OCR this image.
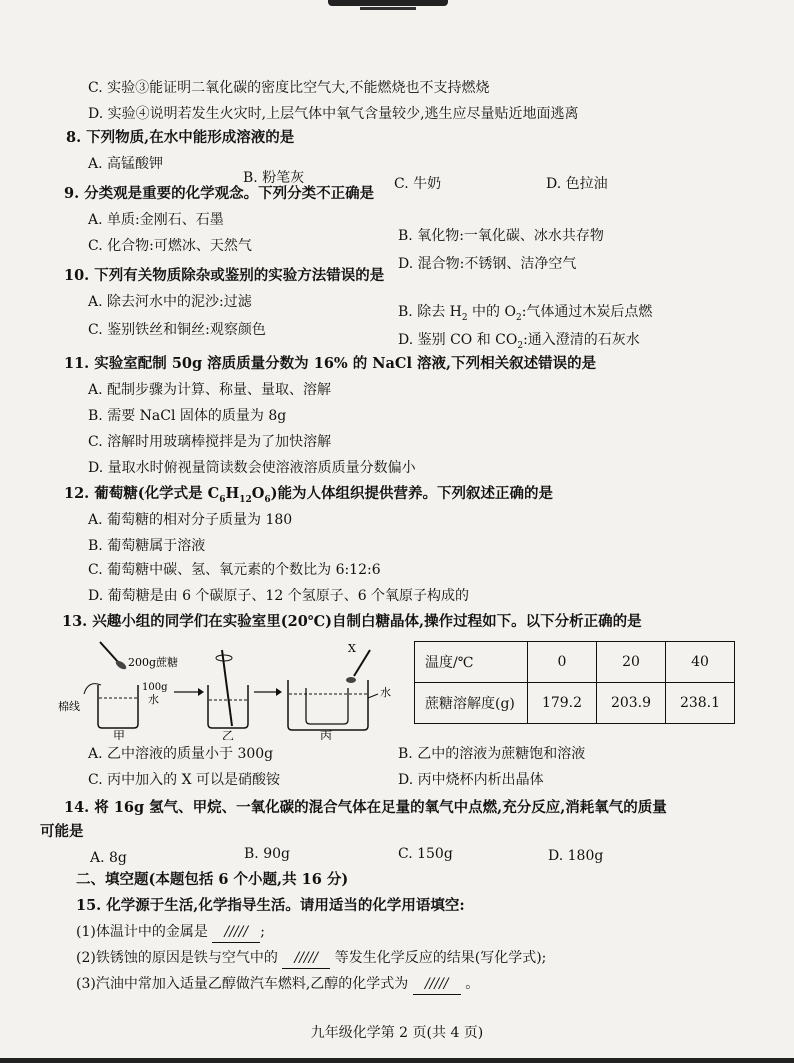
C. 实验③能证明二氧化碳的密度比空气大,不能燃烧也不支持燃烧
D. 实验④说明若发生火灾时,上层气体中氧气含量较少,逃生应尽量贴近地面逃离
8. 下列物质,在水中能形成溶液的是
A. 高锰酸钾
B. 粉笔灰	C. 牛奶	D. 色拉油
9. 分类观是重要的化学观念。下列分类不正确是
A. 单质:金刚石、石墨
B. 氧化物:一氧化碳、冰水共存物
C. 化合物:可燃冰、天然气
D. 混合物:不锈钢、洁净空气
10. 下列有关物质除杂或鉴别的实验方法错误的是
A. 除去河水中的泥沙:过滤
B. 除去 $H_2$ 中的 $O_2$:气体通过木炭后点燃
C. 鉴别铁丝和铜丝:观察颜色
D. 鉴别 CO 和 $CO_2$:通入澄清的石灰水
11. 实验室配制 50g 溶质质量分数为 16% 的 NaCl 溶液,下列相关叙述错误的是
A. 配制步骤为计算、称量、量取、溶解
B. 需要 NaCl 固体的质量为 8g
C. 溶解时用玻璃棒搅拌是为了加快溶解
D. 量取水时俯视量筒读数会使溶液溶质质量分数偏小
12. 葡萄糖(化学式是 $C_6H_{12}O_6$)能为人体组织提供营养。下列叙述正确的是
A. 葡萄糖的相对分子质量为 180
B. 葡萄糖属于溶液
C. 葡萄糖中碳、氢、氧元素的个数比为 6:12:6
D. 葡萄糖是由 6 个碳原子、12 个氢原子、6 个氧原子构成的
13. 兴趣小组的同学们在实验室里(20℃)自制白糖晶体,操作过程如下。以下分析正确的是
200g蔗糖
棉线
100g
水
甲	乙
X
水
丙
温度/℃	0	20	40
蔗糖溶解度(g)	179.2	203.9	238.1
A. 乙中溶液的质量小于 300g	B. 乙中的溶液为蔗糖饱和溶液
C. 丙中加入的 X 可以是硝酸铵	D. 丙中烧杯内析出晶体
14. 将 16g 氢气、甲烷、一氧化碳的混合气体在足量的氧气中点燃,充分反应,消耗氧气的质量
可能是
A. 8g	B. 90g	C. 150g	D. 180g
二、填空题(本题包括 6 个小题,共 16 分)
15. 化学源于生活,化学指导生活。请用适当的化学用语填空:
(1)体温计中的金属是 ///// ;
(2)铁锈蚀的原因是铁与空气中的 ///// 等发生化学反应的结果(写化学式);
(3)汽油中常加入适量乙醇做汽车燃料,乙醇的化学式为 ///// 。
九年级化学第 2 页(共 4 页)
